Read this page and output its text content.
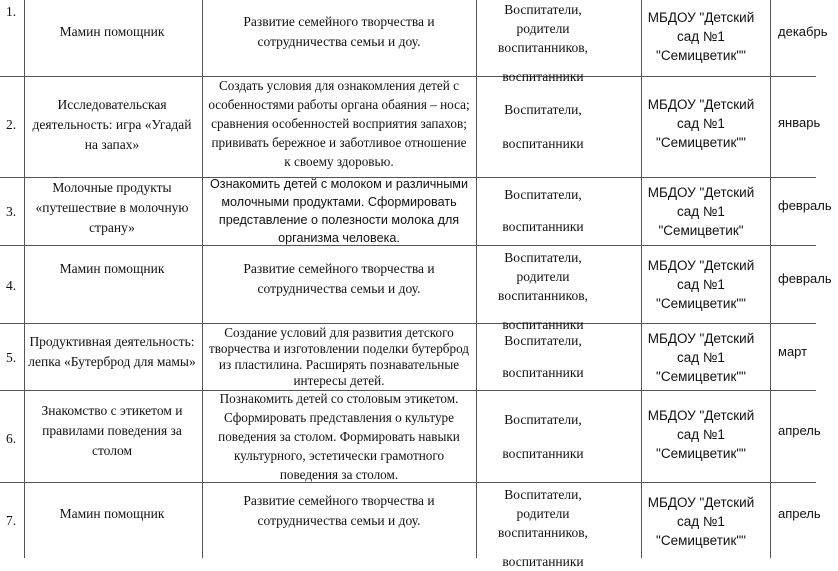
1.
Мамин помощник
Развитие семейного творчества и сотрудничества семьи и доу.
Воспитатели, родители воспитанников,
воспитанники
МБДОУ "Детский сад №1 "Семицветик""
декабрь
2.
Исследовательская деятельность: игра «Угадай на запах»
Создать условия для ознакомления детей с особенностями работы органа обаяния – носа; сравнения особенностей восприятия запахов; прививать бережное и заботливое отношение к своему здоровью.
Воспитатели,
воспитанники
МБДОУ "Детский сад №1 "Семицветик""
январь
3.
Молочные продукты «путешествие в молочную страну»
Ознакомить детей с молоком и различными молочными продуктами. Сформировать представление о полезности молока для организма человека.
Воспитатели,
воспитанники
МБДОУ "Детский сад №1 "Семицветик"
февраль
4.
Мамин помощник	Развитие семейного творчества и сотрудничества семьи и доу.
Воспитатели, родители воспитанников,
воспитанники
МБДОУ "Детский сад №1 "Семицветик""
февраль
5.
Продуктивная деятельность: лепка «Бутерброд для мамы»
Создание условий для развития детского творчества и изготовлении поделки бутерброд из пластилина. Расширять познавательные интересы детей.
Воспитатели,
воспитанники
МБДОУ "Детский сад №1 "Семицветик""
март
6.
Знакомство с этикетом и правилами поведения за столом
Познакомить детей со столовым этикетом. Сформировать представления о культуре поведения за столом. Формировать навыки культурного, эстетически грамотного поведения за столом.
Воспитатели,
воспитанники
МБДОУ "Детский сад №1 "Семицветик""
апрель
7.	Мамин помощник
Развитие семейного творчества и сотрудничества семьи и доу.
Воспитатели, родители воспитанников,
воспитанники
МБДОУ "Детский сад №1 "Семицветик""
апрель
